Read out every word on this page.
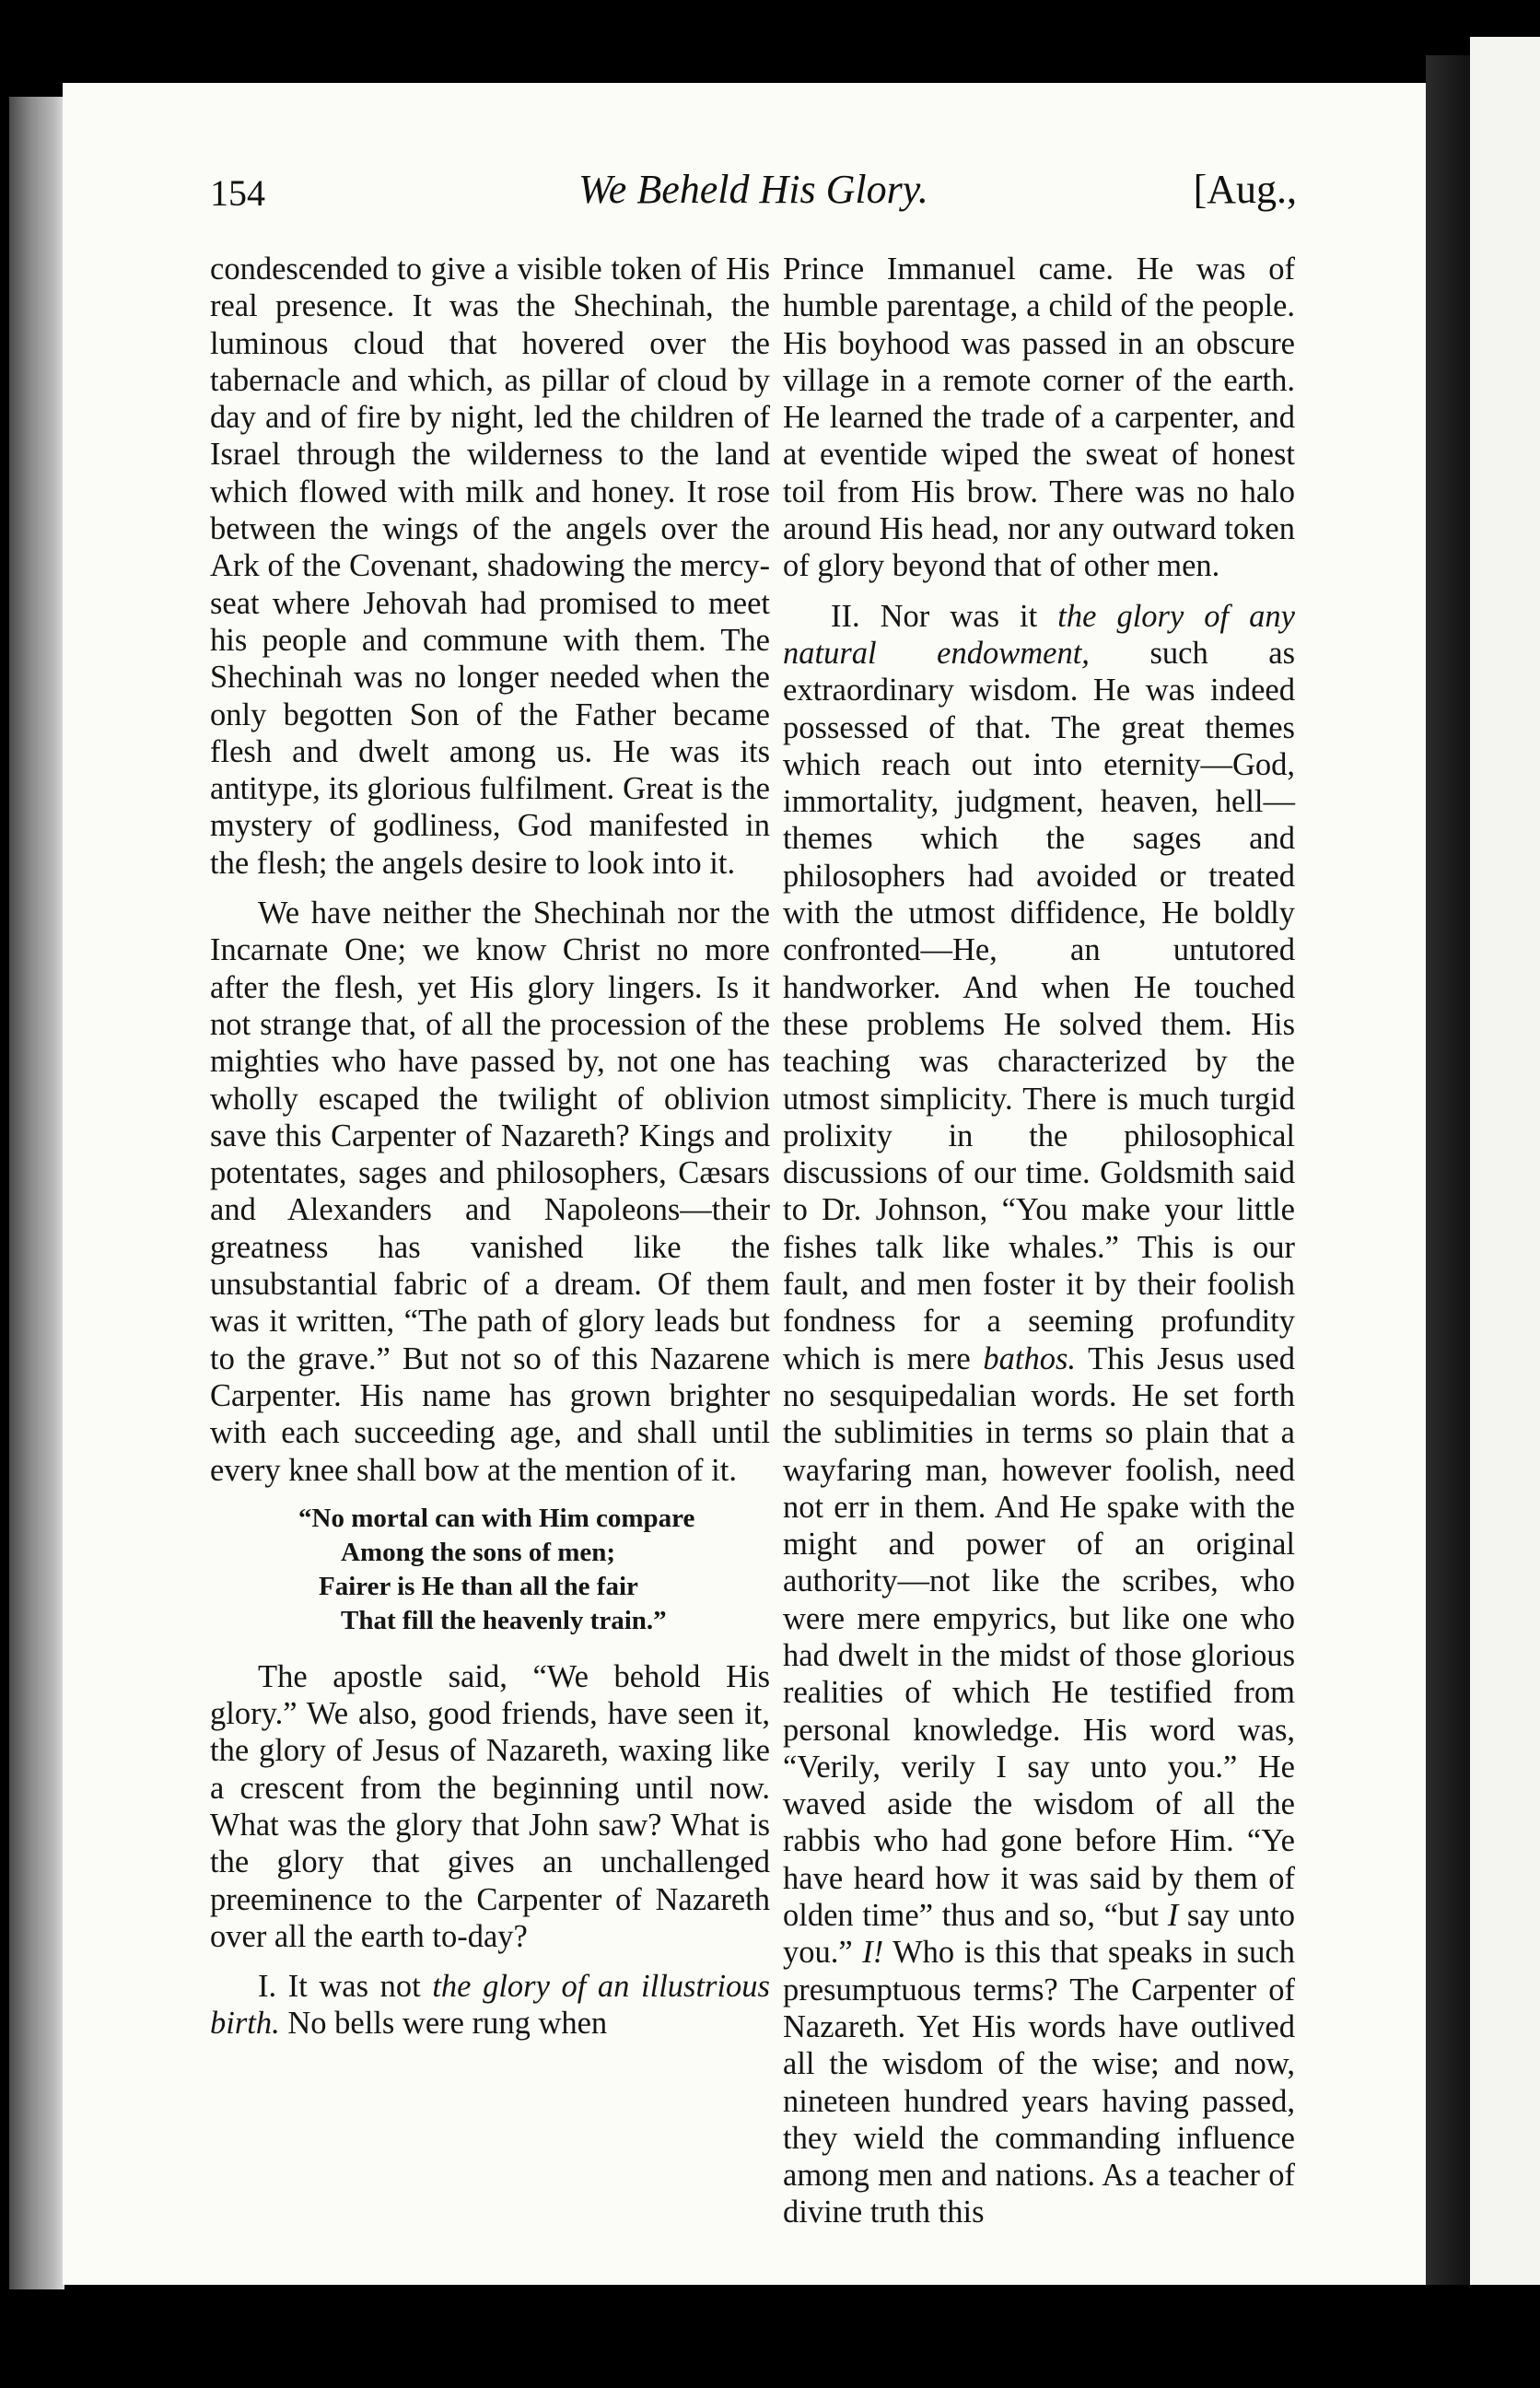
154	We Beheld His Glory.	[Aug.,

condescended to give a visible token of His real presence. It was the Shechinah, the luminous cloud that hovered over the tabernacle and which, as pillar of cloud by day and of fire by night, led the children of Israel through the wilderness to the land which flowed with milk and honey. It rose between the wings of the angels over the Ark of the Covenant, shadowing the mercy-seat where Jehovah had promised to meet his people and commune with them. The Shechinah was no longer needed when the only begotten Son of the Father became flesh and dwelt among us. He was its antitype, its glorious fulfilment. Great is the mystery of godliness, God manifested in the flesh; the angels desire to look into it.

We have neither the Shechinah nor the Incarnate One; we know Christ no more after the flesh, yet His glory lingers. Is it not strange that, of all the procession of the mighties who have passed by, not one has wholly escaped the twilight of oblivion save this Carpenter of Nazareth? Kings and potentates, sages and philosophers, Cæsars and Alexanders and Napoleons—their greatness has vanished like the unsubstantial fabric of a dream. Of them was it written, “The path of glory leads but to the grave.” But not so of this Nazarene Carpenter. His name has grown brighter with each succeeding age, and shall until every knee shall bow at the mention of it.

“No mortal can with Him compare
Among the sons of men;
Fairer is He than all the fair
That fill the heavenly train.”

The apostle said, “We behold His glory.” We also, good friends, have seen it, the glory of Jesus of Nazareth, waxing like a crescent from the beginning until now. What was the glory that John saw? What is the glory that gives an unchallenged preeminence to the Carpenter of Nazareth over all the earth to-day?

I. It was not the glory of an illustrious birth. No bells were rung when

Prince Immanuel came. He was of humble parentage, a child of the people. His boyhood was passed in an obscure village in a remote corner of the earth. He learned the trade of a carpenter, and at eventide wiped the sweat of honest toil from His brow. There was no halo around His head, nor any outward token of glory beyond that of other men.

II. Nor was it the glory of any natural endowment, such as extraordinary wisdom. He was indeed possessed of that. The great themes which reach out into eternity—God, immortality, judgment, heaven, hell—themes which the sages and philosophers had avoided or treated with the utmost diffidence, He boldly confronted—He, an untutored handworker. And when He touched these problems He solved them. His teaching was characterized by the utmost simplicity. There is much turgid prolixity in the philosophical discussions of our time. Goldsmith said to Dr. Johnson, “You make your little fishes talk like whales.” This is our fault, and men foster it by their foolish fondness for a seeming profundity which is mere bathos. This Jesus used no sesquipedalian words. He set forth the sublimities in terms so plain that a wayfaring man, however foolish, need not err in them. And He spake with the might and power of an original authority—not like the scribes, who were mere empyrics, but like one who had dwelt in the midst of those glorious realities of which He testified from personal knowledge. His word was, “Verily, verily I say unto you.” He waved aside the wisdom of all the rabbis who had gone before Him. “Ye have heard how it was said by them of olden time” thus and so, “but I say unto you.” I! Who is this that speaks in such presumptuous terms? The Carpenter of Nazareth. Yet His words have outlived all the wisdom of the wise; and now, nineteen hundred years having passed, they wield the commanding influence among men and nations. As a teacher of divine truth this
